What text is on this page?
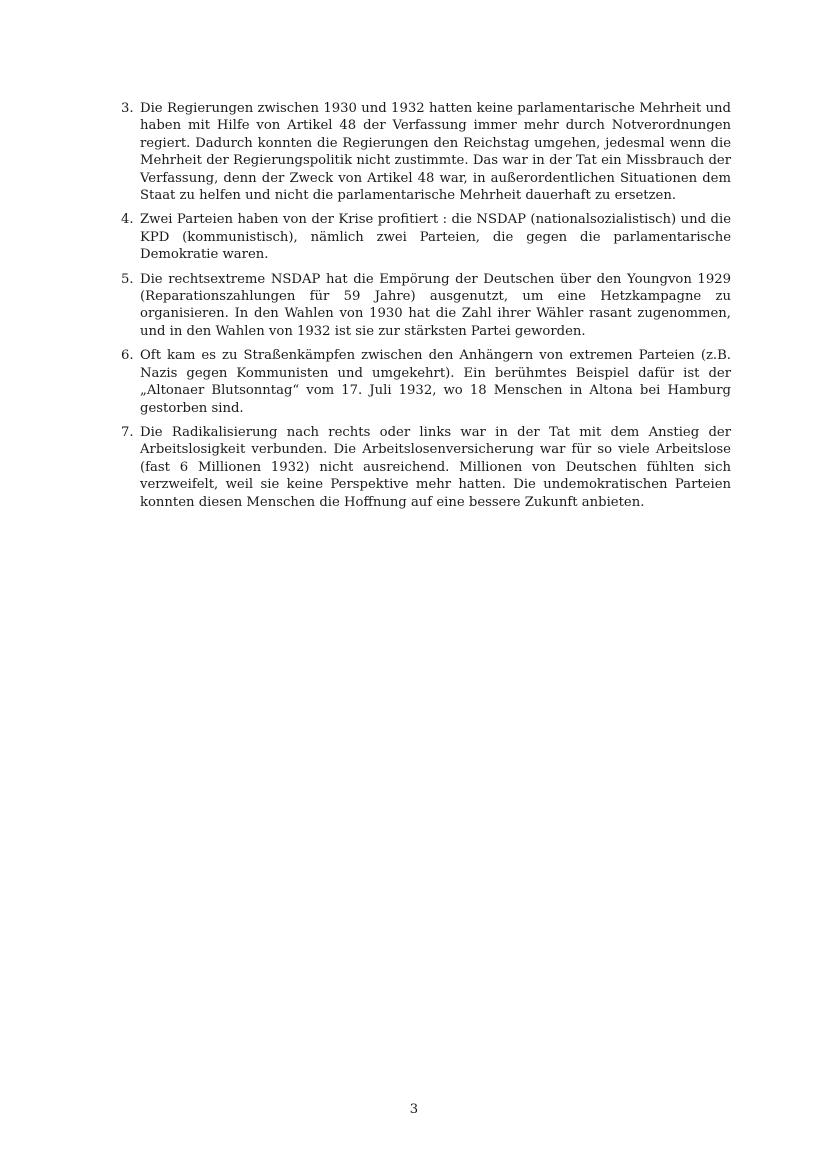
3. Die Regierungen zwischen 1930 und 1932 hatten keine parlamentarische Mehrheit und haben mit Hilfe von Artikel 48 der Verfassung immer mehr durch Notverordnungen regiert. Dadurch konnten die Regierungen den Reichstag umgehen, jedesmal wenn die Mehrheit der Regierungspolitik nicht zustimmte. Das war in der Tat ein Missbrauch der Verfassung, denn der Zweck von Artikel 48 war, in außerordentlichen Situationen dem Staat zu helfen und nicht die parlamentarische Mehrheit dauerhaft zu ersetzen.
4. Zwei Parteien haben von der Krise profitiert : die NSDAP (nationalsozialistisch) und die KPD (kommunistisch), nämlich zwei Parteien, die gegen die parlamentarische Demokratie waren.
5. Die rechtsextreme NSDAP hat die Empörung der Deutschen über den Youngvon 1929 (Reparationszahlungen für 59 Jahre) ausgenutzt, um eine Hetzkampagne zu organisieren. In den Wahlen von 1930 hat die Zahl ihrer Wähler rasant zugenommen, und in den Wahlen von 1932 ist sie zur stärksten Partei geworden.
6. Oft kam es zu Straßenkämpfen zwischen den Anhängern von extremen Parteien (z.B. Nazis gegen Kommunisten und umgekehrt). Ein berühmtes Beispiel dafür ist der „Altonaer Blutsonntag“ vom 17. Juli 1932, wo 18 Menschen in Altona bei Hamburg gestorben sind.
7. Die Radikalisierung nach rechts oder links war in der Tat mit dem Anstieg der Arbeitslosigkeit verbunden. Die Arbeitslosenversicherung war für so viele Arbeitslose (fast 6 Millionen 1932) nicht ausreichend. Millionen von Deutschen fühlten sich verzweifelt, weil sie keine Perspektive mehr hatten. Die undemokratischen Parteien konnten diesen Menschen die Hoffnung auf eine bessere Zukunft anbieten.
3
